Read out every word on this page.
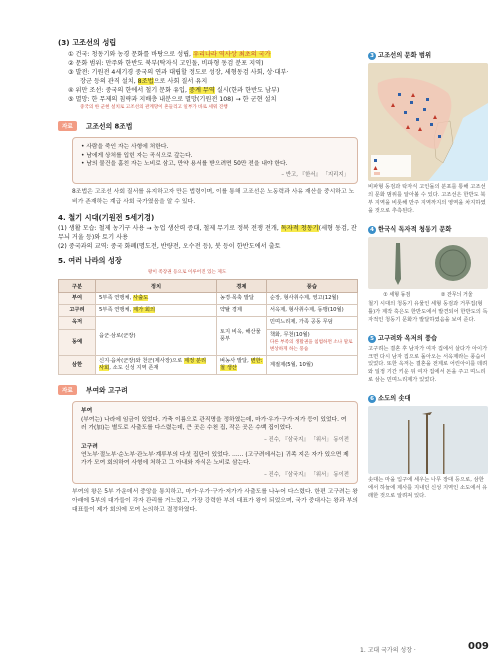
(3) 고조선의 성립

① 건국: 청동기와 농경 문화를 바탕으로 성립, 우리나라 역사상 최초의 국가

② 문화 범위: 만주와 한반도 북부(탁자식 고인돌, 비파형 동검 분포 지역)

③ 발전: 기원전 4세기경 중국의 연과 대립할 정도로 성장, 세형동검 사회, 상·대부·

장군 등의 관직 설치, 8조법으로 사회 질서 유지

④ 위만 조선: 중국의 한에서 철기 문화 유입, 중계 무역 실시(한과 한반도 남부)

⑤ 멸망: 한 무제의 침략과 지배층 내분으로 멸망(기원전 108) → 한 군현 설치

중국의 한 군현 설치로 고조선의 관계망이 흔들리고 일부가 바로 세워 진행

자료 고조선의 8조법

• 사람을 죽인 자는 사형에 처한다.

• 남에게 상처를 입힌 자는 곡식으로 갚는다.

• 남의 물건을 훔친 자는 노비로 삼고, 만약 용서를 받으려면 50만 전을 내야 한다.

– 반고, 『한서』 「지리지」

8조법은 고조선 사회 질서를 유지하고자 만든 법령이며, 이를 통해 고조선은 노동력과 사유 재산을 중시하고 노비가 존재하는 계급 사회 국가였음을 알 수 있다.

4. 철기 시대(기원전 5세기경)

(1) 생활 모습: 철제 농기구 사용 → 농업 생산력 증대, 철제 무기로 정복 전쟁 전개, 독자적 청동기(세형 동검, 잔무늬 거울 등)와 토기 사용

(2) 중국과의 교역: 중국 화폐(명도전, 반량전, 오수전 등), 붓 등이 한반도에서 출토

5. 여러 나라의 성장

왕이 족장권 등으로 이루어진 있는 제도

구분	정치	경제	풍습
부여	5부족 연맹체, 사출도	농경·목축 발달	순장, 형사취수제, 영고(12월)
고구려	5부족 연맹체, 제가 회의	약탈 경제	서옥제, 형사취수제, 동맹(10월)
옥저	읍군·삼로(군장)	토지 비옥, 해산물 풍부	민며느리제, 가족 공동 무덤
동예			책화, 무천(10월)
다른 부족의 생활권을 침범하면 소나 말로 변상하게 하는 풍습
삼한	신지·읍차(군장)와 천군(제사장)으로 제정 분리 사회, 소도 신성 지역 존재	벼농사 발달, 변한: 철 생산	계절제(5월, 10월)
자료 부여와 고구려

부여

(부여는) 나라에 임금이 있었다. 가축 이름으로 관직명을 정하였는데, 마가·우가·구가·저가 등이 있었다. 여러 가(加)는 별도로 사출도를 다스렸는데, 큰 곳은 수천 집, 작은 곳은 수백 집이었다.

– 진수, 『삼국지』 「위서」 동이전

고구려

연노부·절노부·순노부·관노부·계루부의 다섯 집단이 있었다. …… (고구려에서는) 귀족 지은 자가 있으면 제가가 모여 회의하여 사형에 처하고 그 아내와 자식은 노비로 삼는다.

– 진수, 『삼국지』 「위서」 동이전

부여의 왕은 5부 가운데서 중앙을 통치하고, 마가·우가·구가·저가가 사출도를 나누어 다스렸다. 한편 고구려는 왕 아래에 5부의 대가들이 각자 관리를 거느렸고, 가장 강력한 부의 대표가 왕이 되었으며, 국가 중대사는 왕과 부의 대표들이 제가 회의에 모여 논의하고 결정하였다.

3 고조선의 문화 범위

비파형 동검과 탁자식 고인돌의 분포를 통해 고조선의 문화 범위를 알아볼 수 있다. 고조선은 한반도 북부 지역을 비롯해 만주 지역까지의 영역을 차지하였을 것으로 추측된다.

4 한국식 독자적 청동기 문화

① 세형 동검	② 잔무늬 거울

철기 시대의 청동기 유물인 세형 동검과 거푸집(형틀)가 제작 혹은도 한반도에서 발견되어 한반도의 독자적인 청동기 문화가 발달하였음을 보여 준다.

5 고구려와 옥저의 풍습

고구려는 결혼 후 남자가 여자 집에서 살다가 아이가 크면 다시 남자 집으로 돌아오는 서옥제라는 풍습이 있었다. 또한 옥저는 결혼을 전제로 어린아이를 데려와 일정 기간 키운 뒤 여자 집에서 돈을 주고 며느리로 삼는 민며느리제가 있었다.

6 소도의 솟대

솟대는 마을 입구에 세우는 나무 장대 등으로, 삼한에서 하늘에 제사를 지내던 신성 지역인 소도에서 유래한 것으로 알려져 있다.

1. 고대 국가의 성장 ·	009
